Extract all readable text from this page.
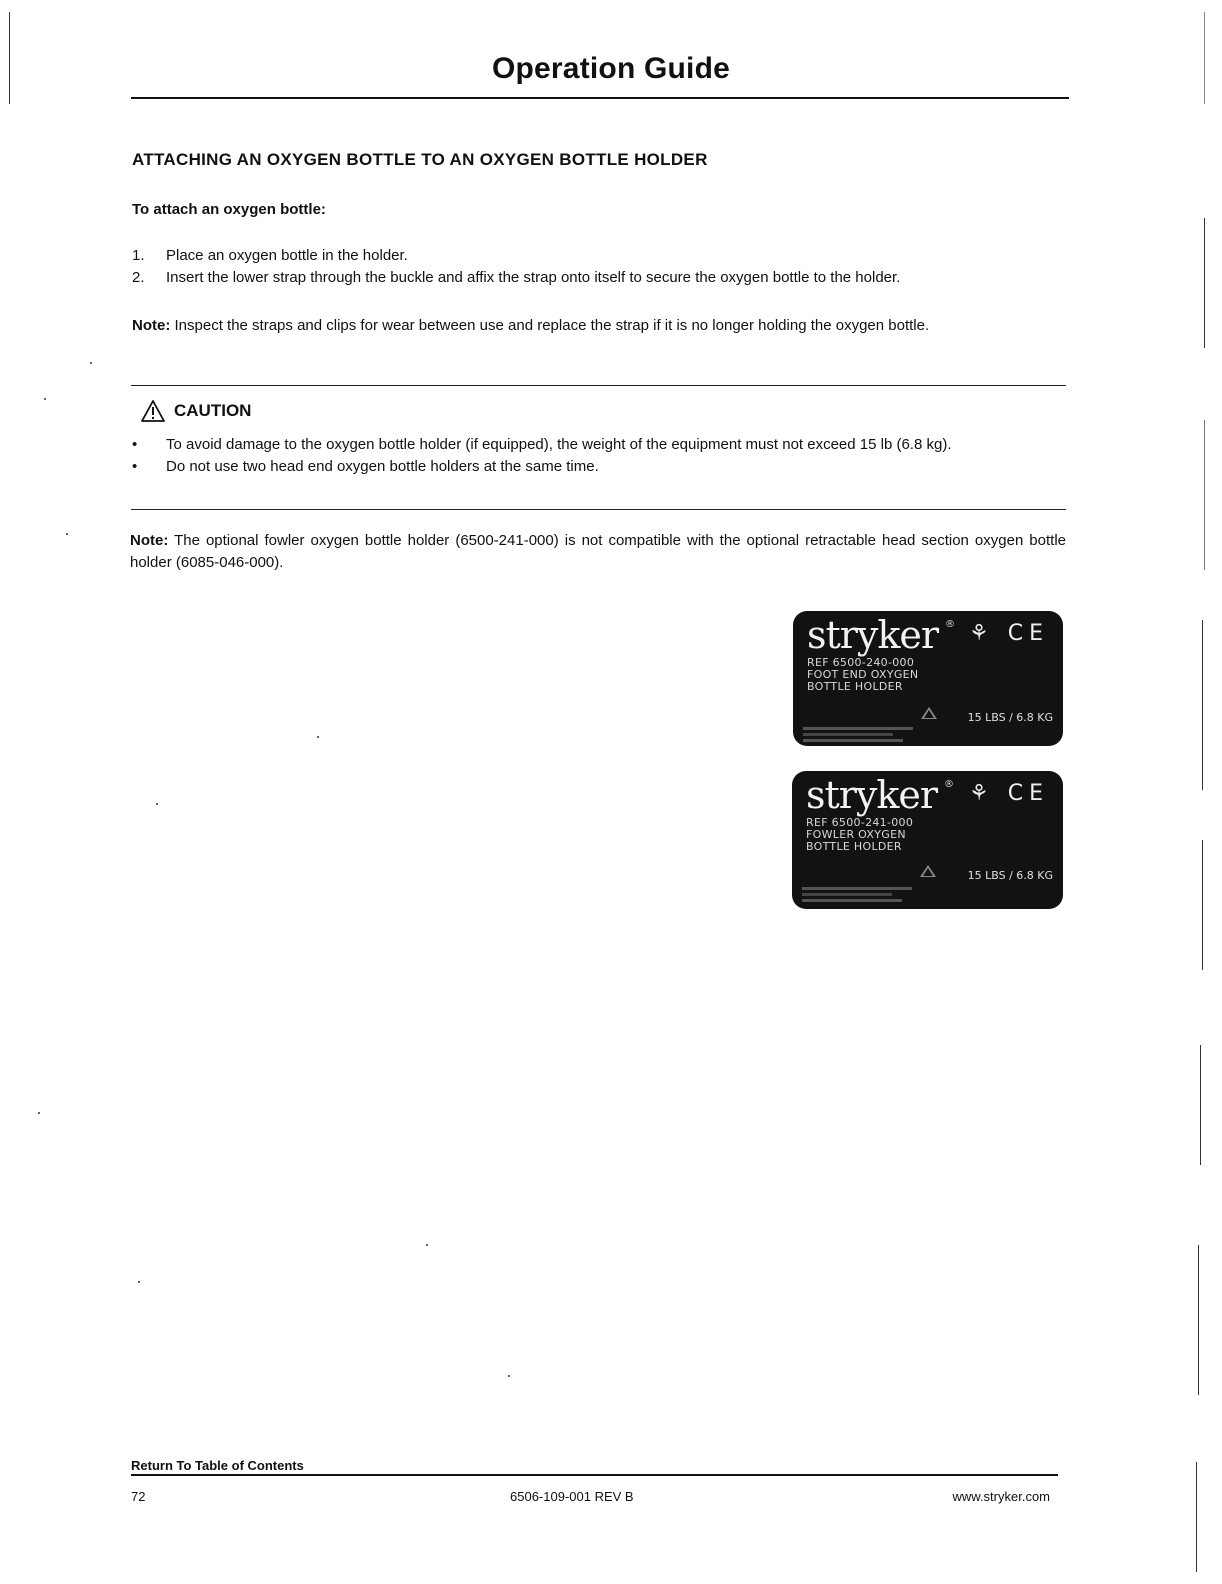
Operation Guide
ATTACHING AN OXYGEN BOTTLE TO AN OXYGEN BOTTLE HOLDER
To attach an oxygen bottle:
1.	Place an oxygen bottle in the holder.
2.	Insert the lower strap through the buckle and affix the strap onto itself to secure the oxygen bottle to the holder.
Note: Inspect the straps and clips for wear between use and replace the strap if it is no longer holding the oxygen bottle.
CAUTION
•	To avoid damage to the oxygen bottle holder (if equipped), the weight of the equipment must not exceed 15 lb (6.8 kg).
•	Do not use two head end oxygen bottle holders at the same time.
Note: The optional fowler oxygen bottle holder (6500-241-000) is not compatible with the optional retractable head section oxygen bottle holder (6085-046-000).
stryker ® ⚘ CE
REF 6500-240-000
FOOT END OXYGEN
BOTTLE HOLDER
15 LBS / 6.8 KG
stryker ® ⚘ CE
REF 6500-241-000
FOWLER OXYGEN
BOTTLE HOLDER
15 LBS / 6.8 KG
Return To Table of Contents
72	6506-109-001 REV B	www.stryker.com
